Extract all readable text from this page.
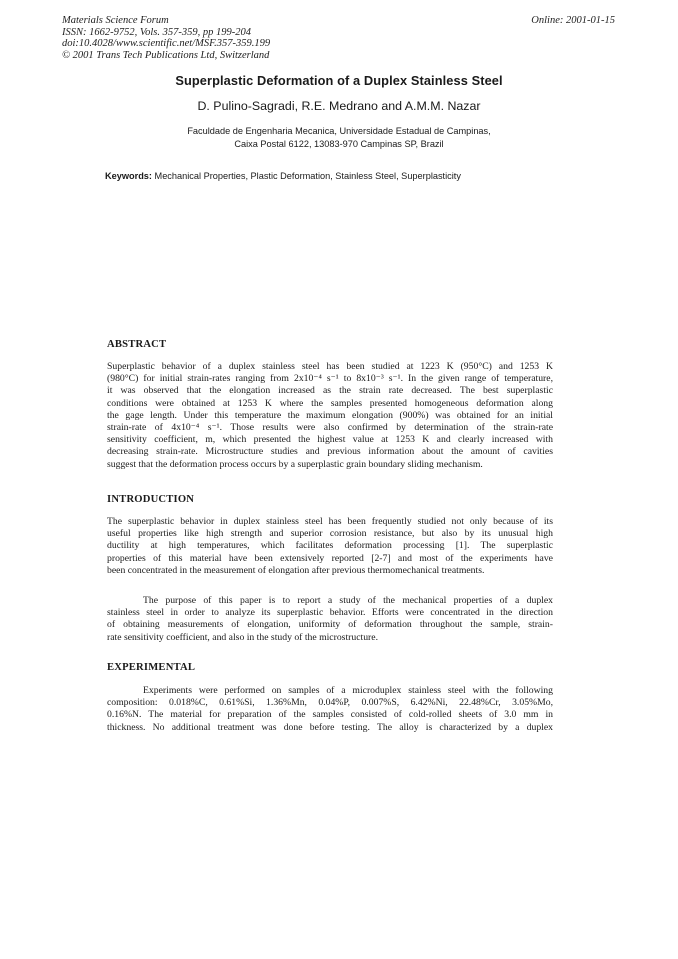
Materials Science Forum
ISSN: 1662-9752, Vols. 357-359, pp 199-204
doi:10.4028/www.scientific.net/MSF.357-359.199
© 2001 Trans Tech Publications Ltd, Switzerland
Online: 2001-01-15
Superplastic Deformation of a Duplex Stainless Steel
D. Pulino-Sagradi, R.E. Medrano and A.M.M. Nazar
Faculdade de Engenharia Mecanica, Universidade Estadual de Campinas,
Caixa Postal 6122, 13083-970 Campinas SP, Brazil
Keywords: Mechanical Properties, Plastic Deformation, Stainless Steel, Superplasticity
ABSTRACT
Superplastic behavior of a duplex stainless steel has been studied at 1223 K (950°C) and 1253 K
(980°C) for initial strain-rates ranging from 2x10⁻⁴ s⁻¹ to 8x10⁻³ s⁻¹. In the given range of temperature,
it was observed that the elongation increased as the strain rate decreased. The best superplastic
conditions were obtained at 1253 K where the samples presented homogeneous deformation along
the gage length. Under this temperature the maximum elongation (900%) was obtained for an initial
strain-rate of 4x10⁻⁴ s⁻¹. Those results were also confirmed by determination of the strain-rate
sensitivity coefficient, m, which presented the highest value at 1253 K and clearly increased with
decreasing strain-rate. Microstructure studies and previous information about the amount of cavities
suggest that the deformation process occurs by a superplastic grain boundary sliding mechanism.
INTRODUCTION
The superplastic behavior in duplex stainless steel has been frequently studied not only because of its
useful properties like high strength and superior corrosion resistance, but also by its unusual high
ductility at high temperatures, which facilitates deformation processing [1]. The superplastic
properties of this material have been extensively reported [2-7] and most of the experiments have
been concentrated in the measurement of elongation after previous thermomechanical treatments.
The purpose of this paper is to report a study of the mechanical properties of a duplex
stainless steel in order to analyze its superplastic behavior. Efforts were concentrated in the direction
of obtaining measurements of elongation, uniformity of deformation throughout the sample, strain-
rate sensitivity coefficient, and also in the study of the microstructure.
EXPERIMENTAL
Experiments were performed on samples of a microduplex stainless steel with the following
composition: 0.018%C, 0.61%Si, 1.36%Mn, 0.04%P, 0.007%S, 6.42%Ni, 22.48%Cr, 3.05%Mo,
0.16%N. The material for preparation of the samples consisted of cold-rolled sheets of 3.0 mm in
thickness. No additional treatment was done before testing. The alloy is characterized by a duplex
